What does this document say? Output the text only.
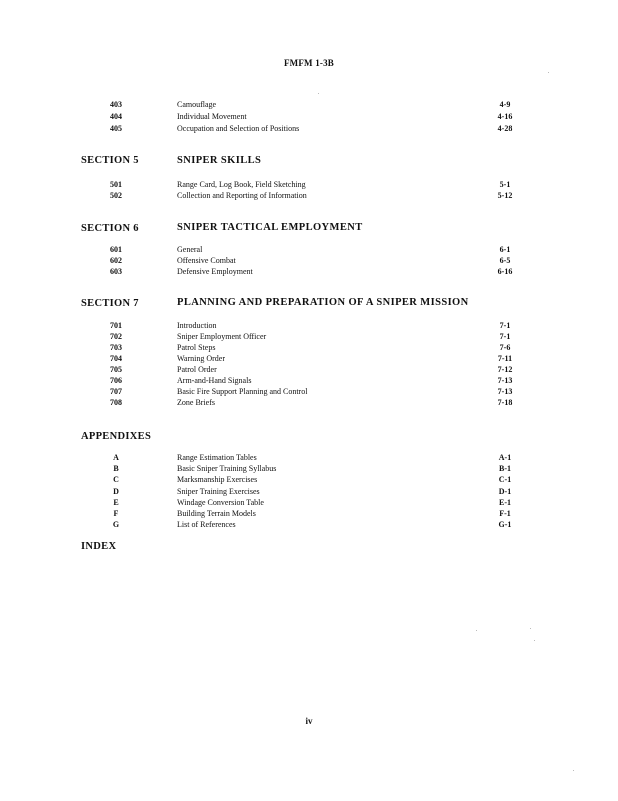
FMFM 1-3B
403	Camouflage	4-9
404	Individual Movement	4-16
405	Occupation and Selection of Positions	4-28
SECTION 5	SNIPER SKILLS
501	Range Card, Log Book, Field Sketching	5-1
502	Collection and Reporting of Information	5-12
SECTION 6	SNIPER TACTICAL EMPLOYMENT
601	General	6-1
602	Offensive Combat	6-5
603	Defensive Employment	6-16
SECTION 7	PLANNING AND PREPARATION OF A SNIPER MISSION
701	Introduction	7-1
702	Sniper Employment Officer	7-1
703	Patrol Steps	7-6
704	Warning Order	7-11
705	Patrol Order	7-12
706	Arm-and-Hand Signals	7-13
707	Basic Fire Support Planning and Control	7-13
708	Zone Briefs	7-18
APPENDIXES
A	Range Estimation Tables	A-1
B	Basic Sniper Training Syllabus	B-1
C	Marksmanship Exercises	C-1
D	Sniper Training Exercises	D-1
E	Windage Conversion Table	E-1
F	Building Terrain Models	F-1
G	List of References	G-1
INDEX
iv
